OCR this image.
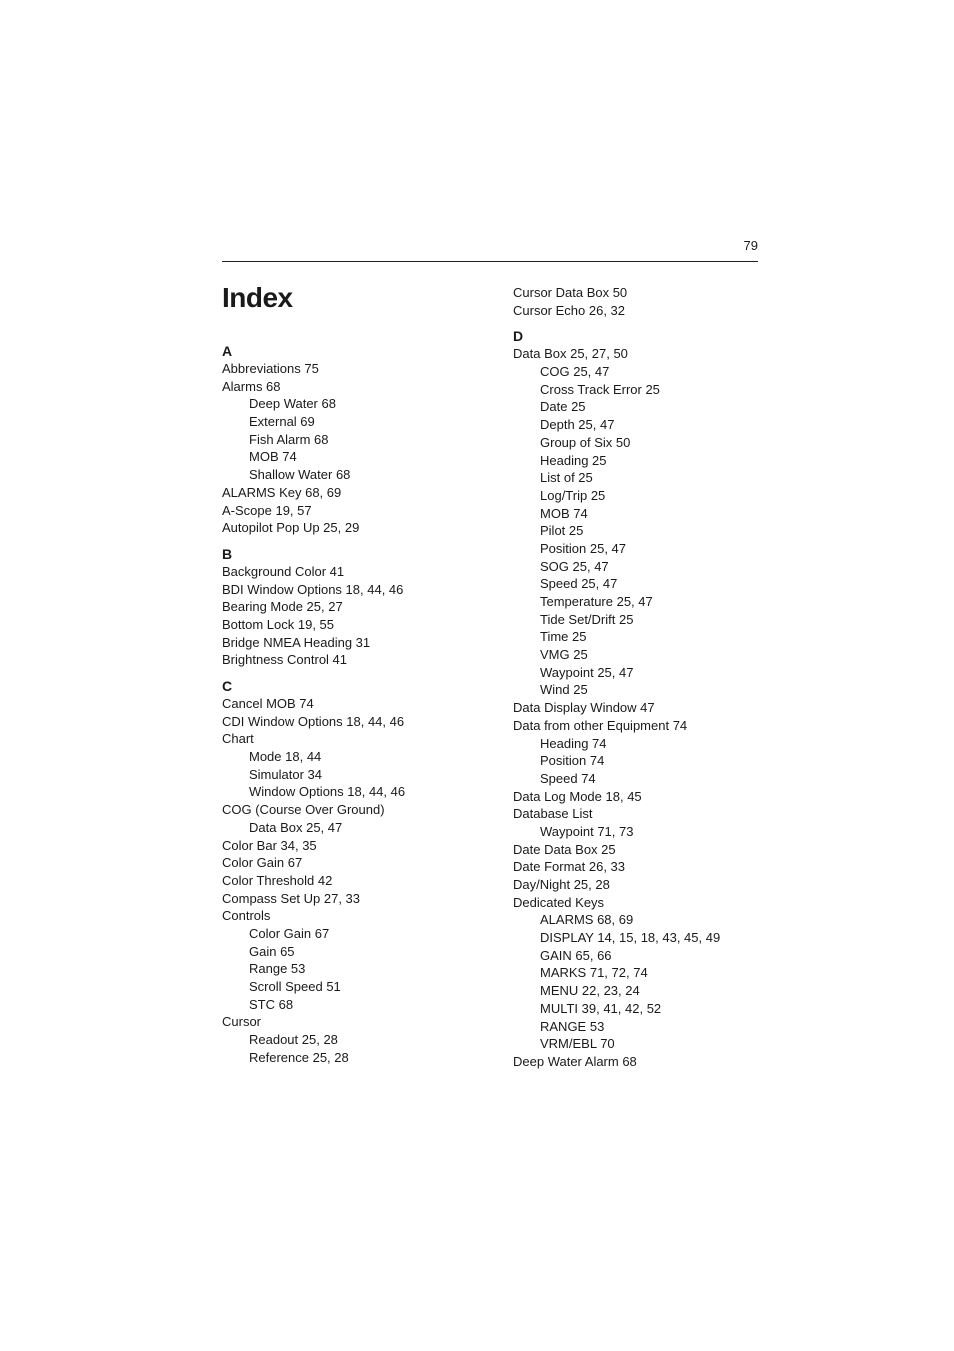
79
Index
A
Abbreviations 75
Alarms 68
Deep Water 68
External 69
Fish Alarm 68
MOB 74
Shallow Water 68
ALARMS Key 68, 69
A-Scope 19, 57
Autopilot Pop Up 25, 29
B
Background Color 41
BDI Window Options 18, 44, 46
Bearing Mode 25, 27
Bottom Lock 19, 55
Bridge NMEA Heading 31
Brightness Control 41
C
Cancel MOB 74
CDI Window Options 18, 44, 46
Chart
Mode 18, 44
Simulator 34
Window Options 18, 44, 46
COG (Course Over Ground)
Data Box 25, 47
Color Bar 34, 35
Color Gain 67
Color Threshold 42
Compass Set Up 27, 33
Controls
Color Gain 67
Gain 65
Range 53
Scroll Speed 51
STC 68
Cursor
Readout 25, 28
Reference 25, 28
Cursor Data Box 50
Cursor Echo 26, 32
D
Data Box 25, 27, 50
COG 25, 47
Cross Track Error 25
Date 25
Depth 25, 47
Group of Six 50
Heading 25
List of 25
Log/Trip 25
MOB 74
Pilot 25
Position 25, 47
SOG 25, 47
Speed 25, 47
Temperature 25, 47
Tide Set/Drift 25
Time 25
VMG 25
Waypoint 25, 47
Wind 25
Data Display Window 47
Data from other Equipment 74
Heading 74
Position 74
Speed 74
Data Log Mode 18, 45
Database List
Waypoint 71, 73
Date Data Box 25
Date Format 26, 33
Day/Night 25, 28
Dedicated Keys
ALARMS 68, 69
DISPLAY 14, 15, 18, 43, 45, 49
GAIN 65, 66
MARKS 71, 72, 74
MENU 22, 23, 24
MULTI 39, 41, 42, 52
RANGE 53
VRM/EBL 70
Deep Water Alarm 68
